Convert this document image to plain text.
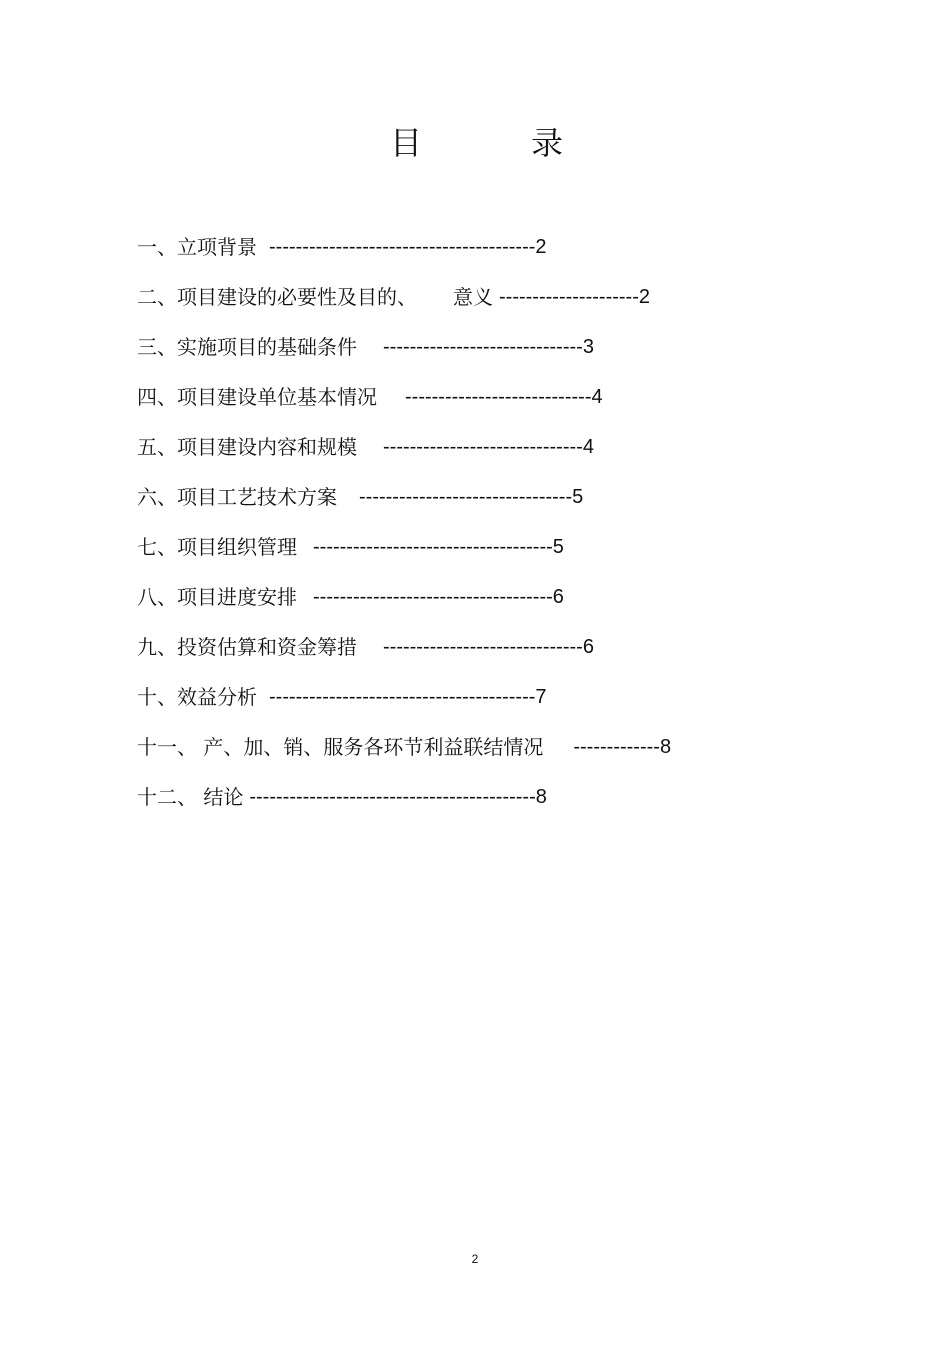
目	录
一、立项背景 ---------------------------------------- 2
二、项目建设的必要性及目的、 意义 --------------------- 2
三、实施项目的基础条件 ------------------------------ 3
四、项目建设单位基本情况 ---------------------------- 4
五、项目建设内容和规模 ------------------------------ 4
六、项目工艺技术方案 -------------------------------- 5
七、项目组织管理 ------------------------------------ 5
八、项目进度安排 ------------------------------------ 6
九、投资估算和资金筹措 ------------------------------ 6
十、效益分析 ---------------------------------------- 7
十一、 产、加、销、服务各环节利益联结情况 ------------- 8
十二、 结论 ------------------------------------------- 8
2
